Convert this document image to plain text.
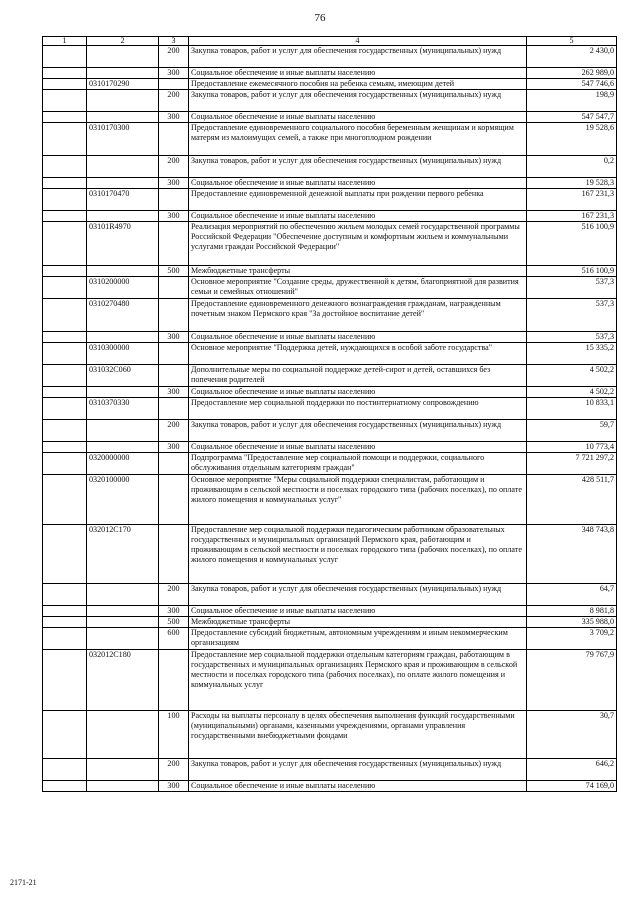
76
1	2	3	4	5
		200	Закупка товаров, работ и услуг для обеспечения государственных (муниципальных) нужд	2 430,0
		300	Социальное обеспечение и иные выплаты населению	262 989,0
	0310170290		Предоставление ежемесячного пособия на ребенка семьям, имеющим детей	547 746,6
		200	Закупка товаров, работ и услуг для обеспечения государственных (муниципальных) нужд	198,9
		300	Социальное обеспечение и иные выплаты населению	547 547,7
	0310170300		Предоставление единовременного социального пособия беременным женщинам и кормящим матерям из малоимущих семей, а также при многоплодном рождении	19 528,6
		200	Закупка товаров, работ и услуг для обеспечения государственных (муниципальных) нужд	0,2
		300	Социальное обеспечение и иные выплаты населению	19 528,3
	0310170470		Предоставление единовременной денежной выплаты при рождении первого ребенка	167 231,3
		300	Социальное обеспечение и иные выплаты населению	167 231,3
	03101R4970		Реализация мероприятий по обеспечению жильем молодых семей государственной программы Российской Федерации "Обеспечение доступным и комфортным жильем и коммунальными услугами граждан Российской Федерации"	516 100,9
		500	Межбюджетные трансферты	516 100,9
	0310200000		Основное мероприятие "Создание среды, дружественной к детям, благоприятной для развития семьи и семейных отношений"	537,3
	0310270480		Предоставление единовременного денежного вознаграждения гражданам, награжденным почетным знаком Пермского края "За достойное воспитание детей"	537,3
		300	Социальное обеспечение и иные выплаты населению	537,3
	0310300000		Основное мероприятие "Поддержка детей, нуждающихся в особой заботе государства"	15 335,2
	031032С060		Дополнительные меры по социальной поддержке детей-сирот и детей, оставшихся без попечения родителей	4 502,2
		300	Социальное обеспечение и иные выплаты населению	4 502,2
	0310370330		Предоставление мер социальной поддержки по постинтернатному сопровождению	10 833,1
		200	Закупка товаров, работ и услуг для обеспечения государственных (муниципальных) нужд	59,7
		300	Социальное обеспечение и иные выплаты населению	10 773,4
	0320000000		Подпрограмма "Предоставление мер социальной помощи и поддержки, социального обслуживания отдельным категориям граждан"	7 721 297,2
	0320100000		Основное мероприятие "Меры социальной поддержки специалистам, работающим и проживающим в сельской местности и поселках городского типа (рабочих поселках), по оплате жилого помещения и коммунальных услуг"	428 511,7
	032012С170		Предоставление мер социальной поддержки педагогическим работникам образовательных государственных и муниципальных организаций Пермского края, работающим и проживающим в сельской местности и поселках городского типа (рабочих поселках), по оплате жилого помещения и коммунальных услуг	348 743,8
		200	Закупка товаров, работ и услуг для обеспечения государственных (муниципальных) нужд	64,7
		300	Социальное обеспечение и иные выплаты населению	8 981,8
		500	Межбюджетные трансферты	335 988,0
		600	Предоставление субсидий бюджетным, автономным учреждениям и иным некоммерческим организациям	3 709,2
	032012С180		Предоставление мер социальной поддержки отдельным категориям граждан, работающим в государственных и муниципальных организациях Пермского края и проживающим в сельской местности и поселках городского типа (рабочих поселках), по оплате жилого помещения и коммунальных услуг	79 767,9
		100	Расходы на выплаты персоналу в целях обеспечения выполнения функций государственными (муниципальными) органами, казенными учреждениями, органами управления государственными внебюджетными фондами	30,7
		200	Закупка товаров, работ и услуг для обеспечения государственных (муниципальных) нужд	646,2
		300	Социальное обеспечение и иные выплаты населению	74 169,0
2171-21
